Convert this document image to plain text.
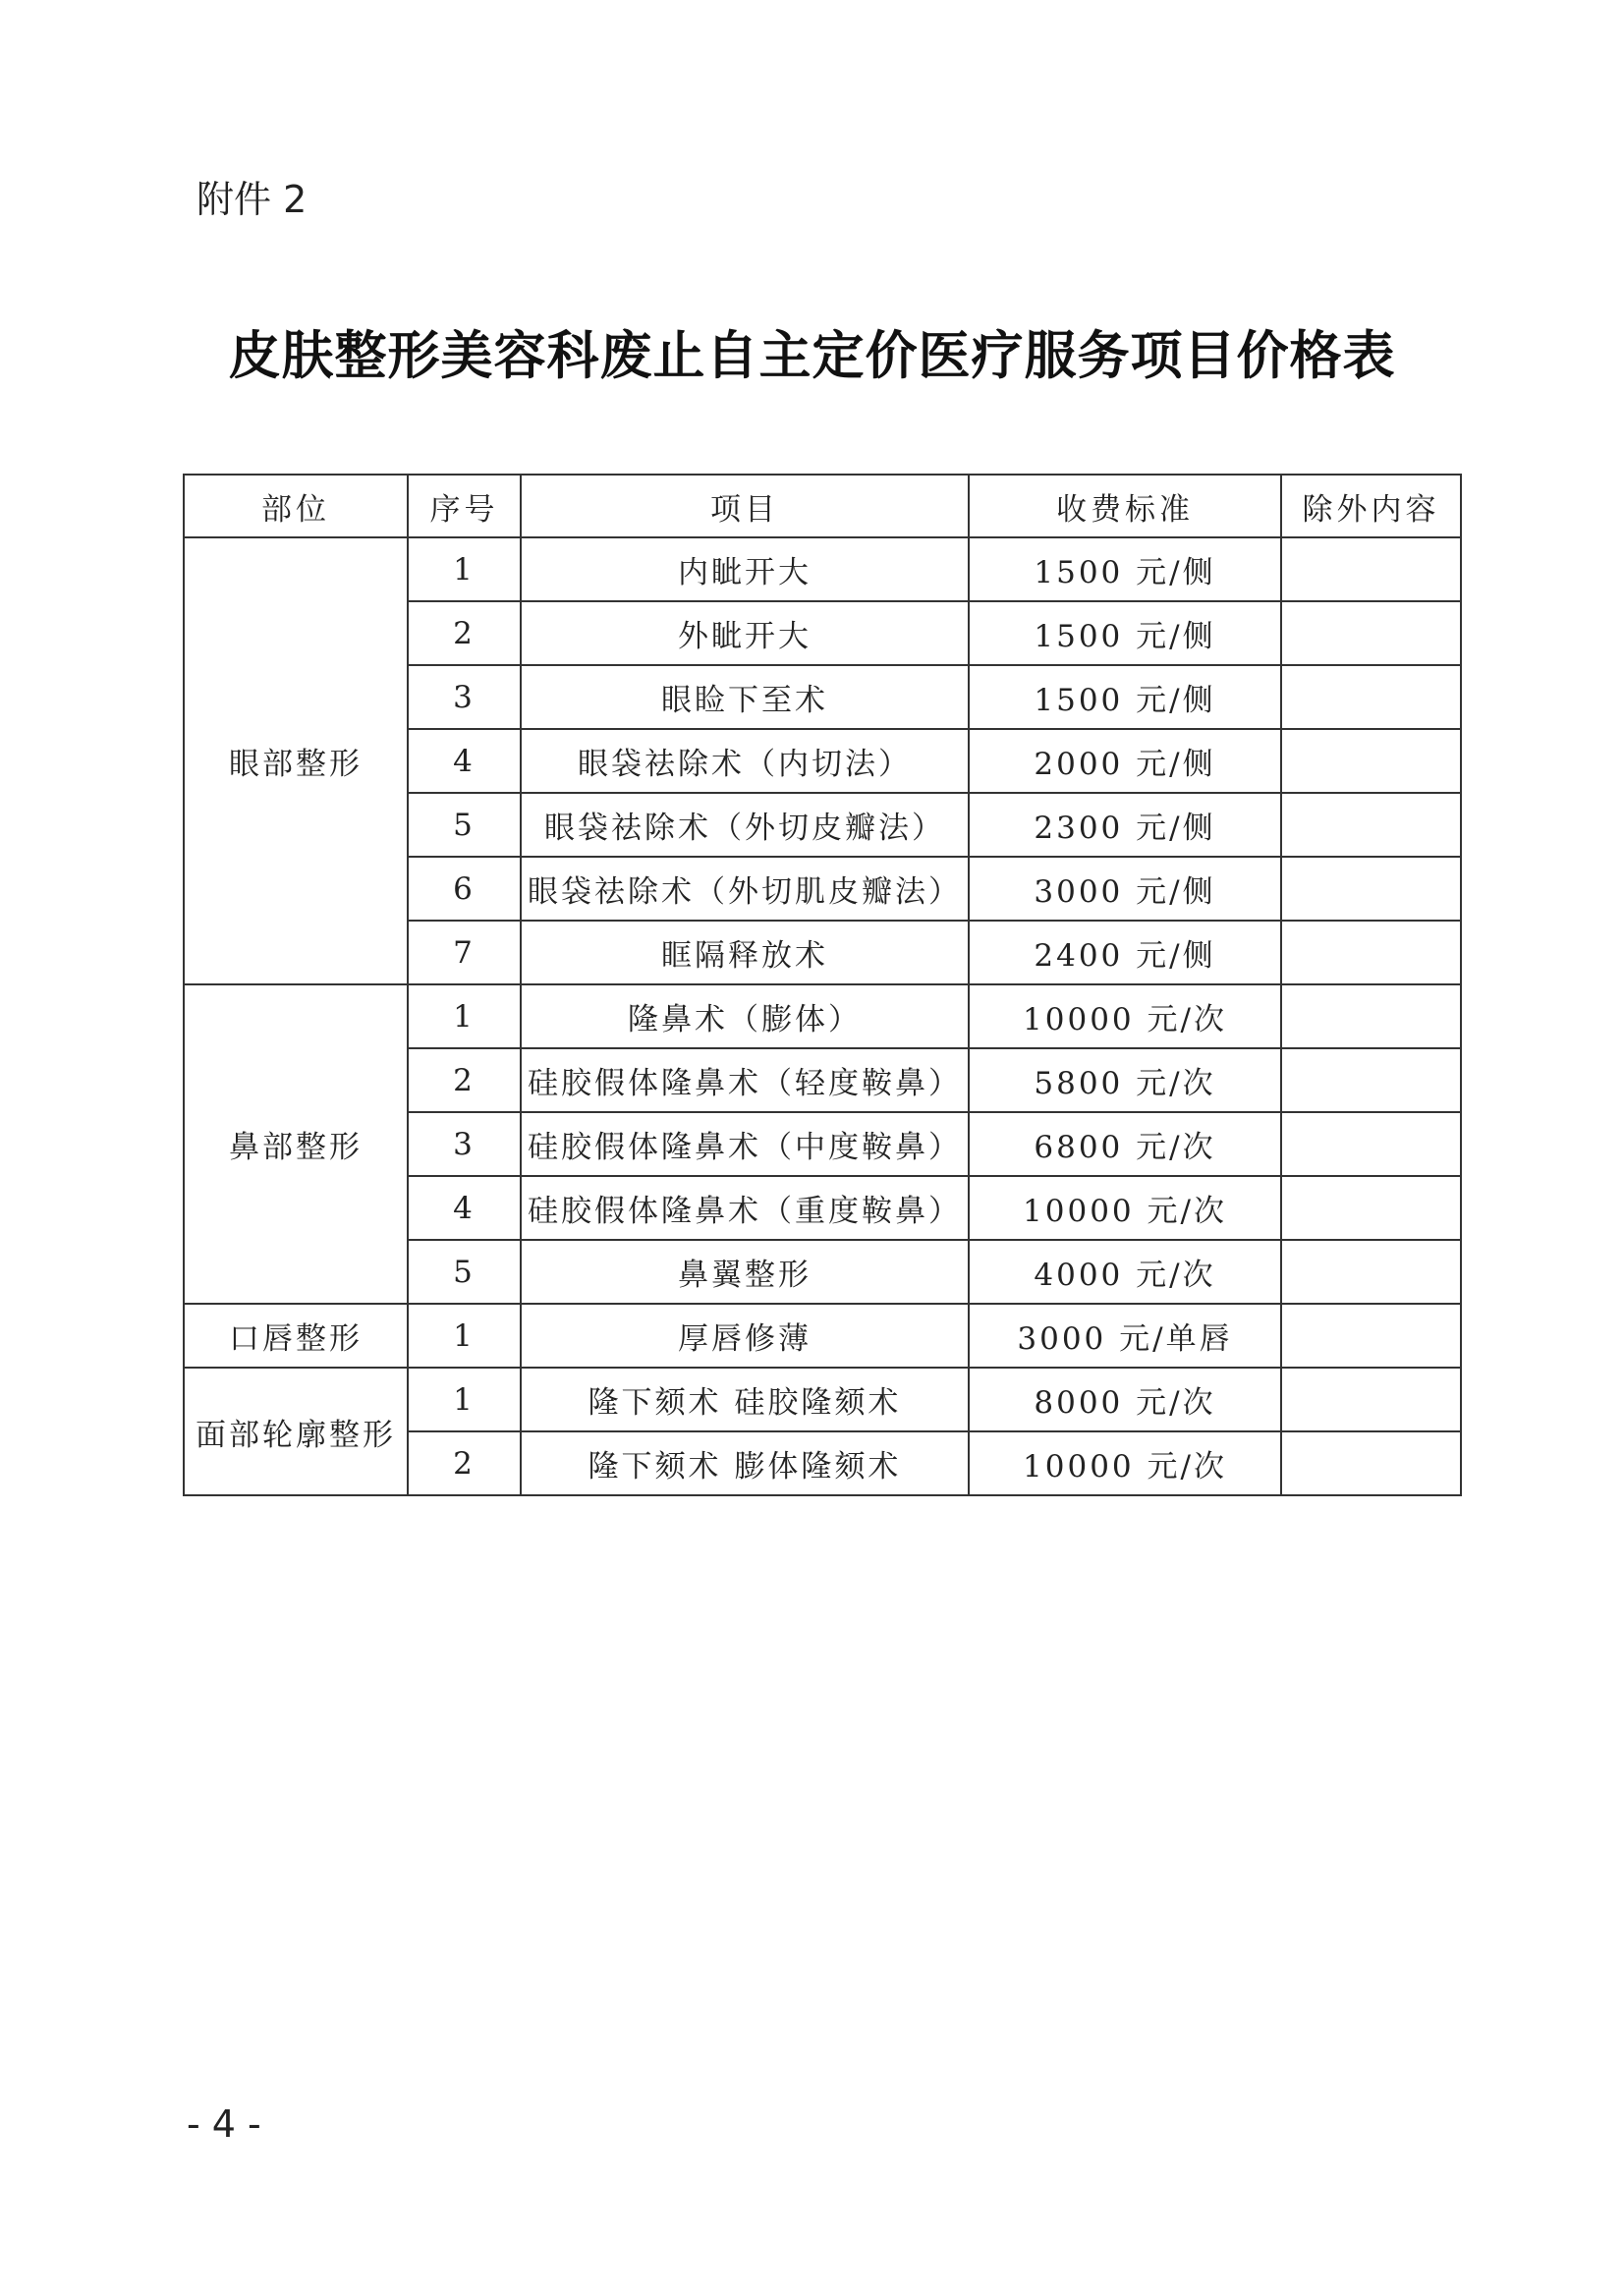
附件 2
皮肤整形美容科废止自主定价医疗服务项目价格表
部位	序号	项目	收费标准	除外内容
眼部整形	1	内眦开大	1500 元/侧	
	2	外眦开大	1500 元/侧	
	3	眼睑下至术	1500 元/侧	
	4	眼袋祛除术（内切法）	2000 元/侧	
	5	眼袋祛除术（外切皮瓣法）	2300 元/侧	
	6	眼袋祛除术（外切肌皮瓣法）	3000 元/侧	
	7	眶隔释放术	2400 元/侧	
鼻部整形	1	隆鼻术（膨体）	10000 元/次	
	2	硅胶假体隆鼻术（轻度鞍鼻）	5800 元/次	
	3	硅胶假体隆鼻术（中度鞍鼻）	6800 元/次	
	4	硅胶假体隆鼻术（重度鞍鼻）	10000 元/次	
	5	鼻翼整形	4000 元/次	
口唇整形	1	厚唇修薄	3000 元/单唇	
面部轮廓整形	1	隆下颏术 硅胶隆颏术	8000 元/次	
	2	隆下颏术 膨体隆颏术	10000 元/次	
- 4 -
